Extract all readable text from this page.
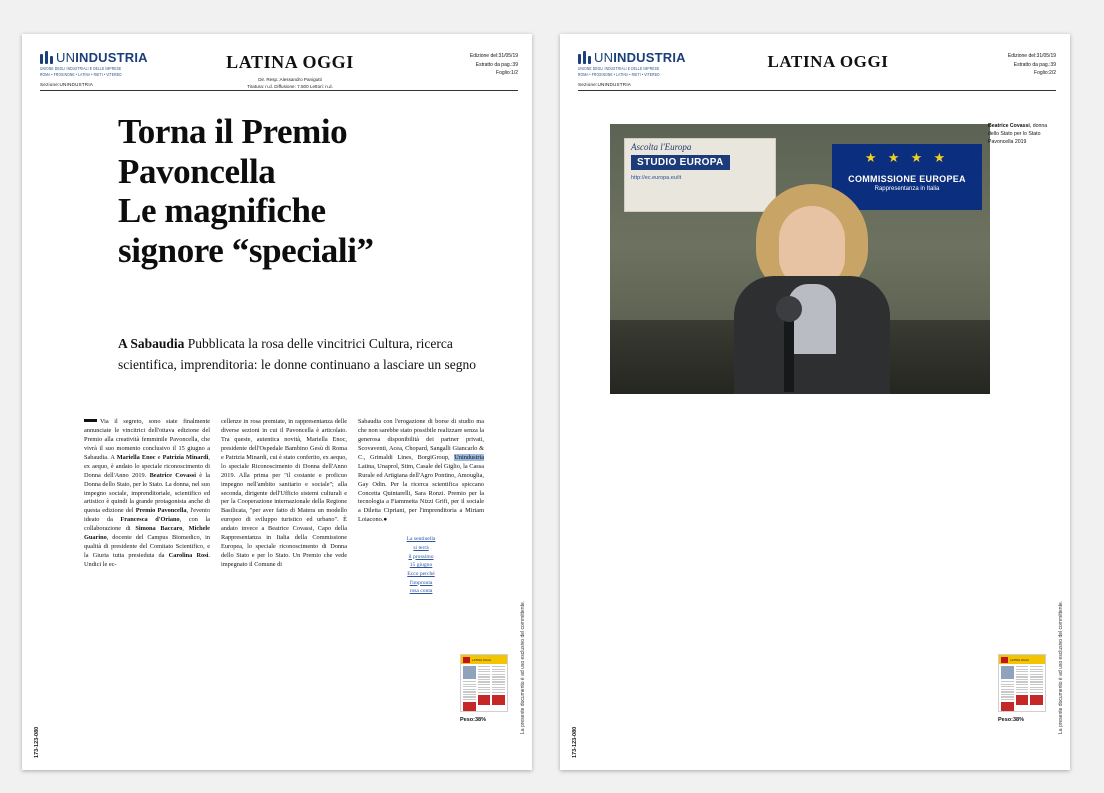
UNINDUSTRIA
UNIONE DEGLI INDUSTRIALI E DELLE IMPRESE
ROMA • FROSINONE • LATINA • RIETI • VITERBO
Sezione:UNINDUSTRIA
LATINA OGGI
Dir. Resp.:Alessandro Panigutti
Tiratura: n.d. Diffusione: 7.500 Lettori: n.d.
Edizione del:31/05/19
Estratto da pag.:39
Foglio:1/2
Torna il Premio
Pavoncella
Le magnifiche
signore “speciali”
A Sabaudia Pubblicata la rosa delle vincitrici Cultura, ricerca scientifica, imprenditoria: le donne continuano a lasciare un segno
Via il segreto, sono state finalmente annunciate le vincitrici dell'ottava edizione del Premio alla creatività femminile Pavoncella, che vivrà il suo momento conclusivo il 15 giugno a Sabaudia. A Mariella Enoc e Patrizia Minardi, ex aequo, è andato lo speciale riconoscimento di Donna dell'Anno 2019. Beatrice Covassi è la Donna dello Stato, per lo Stato. La donna, nel suo impegno sociale, imprenditoriale, scientifico ed artistico è quindi la grande protagonista anche di questa edizione del Premio Pavoncella, l'evento ideato da Francesca d'Oriano, con la collaborazione di Simona Baccaro, Michele Guarino, docente del Campus Biomedico, in qualità di presidente del Comitato Scientifico, e la Giuria tutta presieduta da Carolina Rosi. Undici le ec-
cellenze in rosa premiate, in rappresentanza delle diverse sezioni in cui il Pavoncella è articolato. Tra queste, autentica novità, Mariella Enoc, presidente dell'Ospedale Bambino Gesù di Roma e Patrizia Minardi, cui è stato conferito, ex aequo, lo speciale Riconoscimento di Donna dell'Anno 2019. Alla prima per "il costante e proficuo impegno nell'ambito sanitario e sociale"; alla seconda, dirigente dell'Ufficio sistemi culturali e per la Cooperazione internazionale della Regione Basilicata, "per aver fatto di Matera un modello europeo di sviluppo turistico ed urbano". È andato invece a Beatrice Covassi, Capo della Rappresentanza in Italia della Commissione Europea, lo speciale riconoscimento di Donna dello Stato e per lo Stato. Un Premio che vede impegnato il Comune di
Sabaudia con l'erogazione di borse di studio ma che non sarebbe stato possibile realizzare senza la generosa disponibilità dei partner privati, Scovaventi, Acea, Chopard, Sangalli Giancarlo & C., Grimaldi Lines, BorgiGroup, Unindustria Latina, Unaprol, Stim, Casale del Giglio, la Cassa Rurale ed Artigiana dell'Agro Pontino, Amouglia, Gay Odin. Per la ricerca scientifica spiccano Concetta Quintarelli, Sara Ronzi. Premio per la tecnologia a Fiammetta Nizzi Grifi, per il sociale a Diletta Cipriani, per l'imprenditoria a Miriam Loiacono.●
La sentinella
si terrà
il prossimo
15 giugno
Ecco perché
l'impronta
rosa conta
LATINA OGGI
Peso:38%	La presente documento è ad uso esclusivo del committente.
173-123-080
UNINDUSTRIA
UNIONE DEGLI INDUSTRIALI E DELLE IMPRESE
ROMA • FROSINONE • LATINA • RIETI • VITERBO
Sezione:UNINDUSTRIA
LATINA OGGI	Edizione del:31/05/19
Estratto da pag.:39
Foglio:2/2
Ascolta l'Europa
STUDIO EUROPA
http://ec.europa.eu/it
★ ★ ★ ★
COMMISSIONE EUROPEA
Rappresentanza in Italia
Beatrice Covassi, donna dello Stato per lo Stato Pavoncella 2019
LATINA OGGI
Peso:38%	La presente documento è ad uso esclusivo del committente.
173-123-080
